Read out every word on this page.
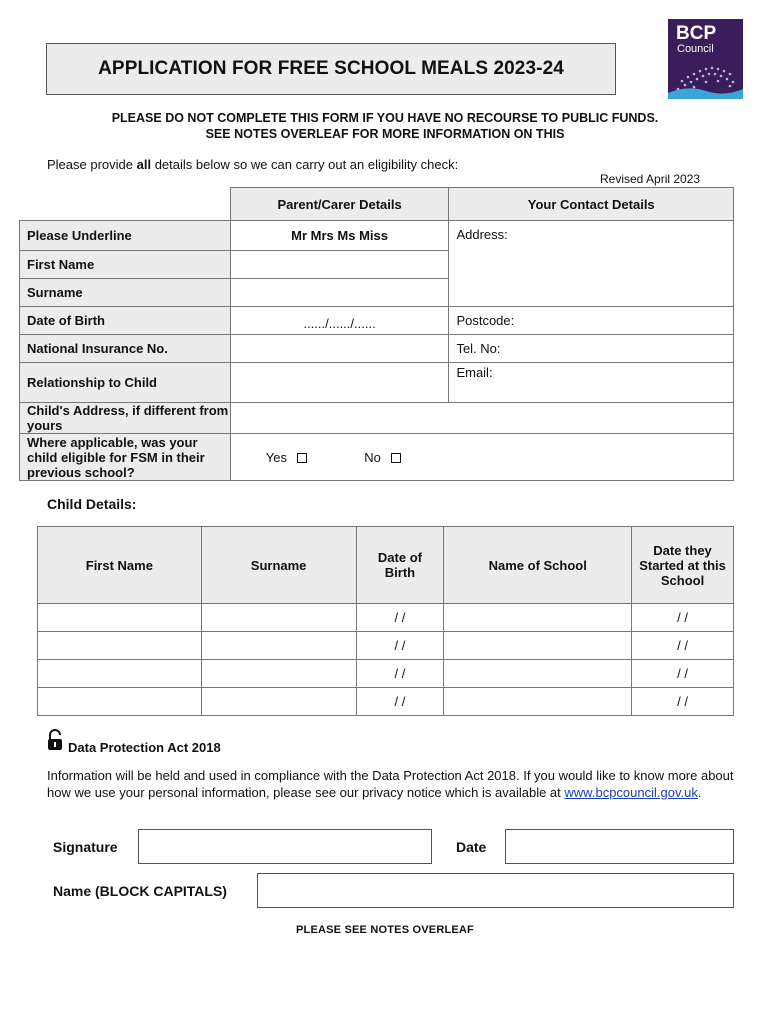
APPLICATION FOR FREE SCHOOL MEALS 2023-24
BCP
Council
PLEASE DO NOT COMPLETE THIS FORM IF YOU HAVE NO RECOURSE TO PUBLIC FUNDS.
SEE NOTES OVERLEAF FOR MORE INFORMATION ON THIS
Please provide all details below so we can carry out an eligibility check:
Revised April 2023
	Parent/Carer Details	Your Contact Details
Please Underline	Mr Mrs Ms Miss	Address:
First Name		
Surname		
Date of Birth	....../....../......	Postcode:
National Insurance No.		Tel. No:
Relationship to Child		Email:
Child's Address, if different from yours		
Where applicable, was your child eligible for FSM in their previous school?	Yes No	
Child Details:
First Name	Surname	Date of Birth	Name of School	Date they Started at this School
		/ /		/ /
		/ /		/ /
		/ /		/ /
		/ /		/ /
Data Protection Act 2018
Information will be held and used in compliance with the Data Protection Act 2018. If you would like to know more about how we use your personal information, please see our privacy notice which is available at www.bcpcouncil.gov.uk.
Signature	Date
Name (BLOCK CAPITALS)
PLEASE SEE NOTES OVERLEAF
